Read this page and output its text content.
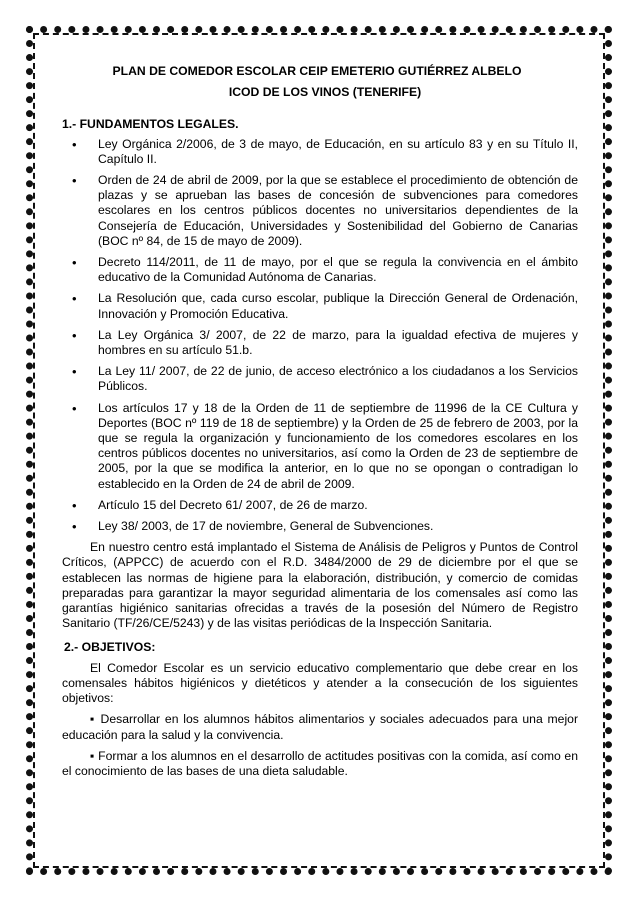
PLAN DE COMEDOR ESCOLAR CEIP EMETERIO GUTIÉRREZ ALBELO

ICOD DE LOS VINOS (TENERIFE)

1.- FUNDAMENTOS LEGALES.
• Ley Orgánica 2/2006, de 3 de mayo, de Educación, en su artículo 83 y en su Título II, Capítulo II.
• Orden de 24 de abril de 2009, por la que se establece el procedimiento de obtención de plazas y se aprueban las bases de concesión de subvenciones para comedores escolares en los centros públicos docentes no universitarios dependientes de la Consejería de Educación, Universidades y Sostenibilidad del Gobierno de Canarias (BOC nº 84, de 15 de mayo de 2009).
• Decreto 114/2011, de 11 de mayo, por el que se regula la convivencia en el ámbito educativo de la Comunidad Autónoma de Canarias.
• La Resolución que, cada curso escolar, publique la Dirección General de Ordenación, Innovación y Promoción Educativa.
• La Ley Orgánica 3/ 2007, de 22 de marzo, para la igualdad efectiva de mujeres y hombres en su artículo 51.b.
• La Ley 11/ 2007, de 22 de junio, de acceso electrónico a los ciudadanos a los Servicios Públicos.
• Los artículos 17 y 18 de la Orden de 11 de septiembre de 11996 de la CE Cultura y Deportes (BOC nº 119 de 18 de septiembre) y la Orden de 25 de febrero de 2003, por la que se regula la organización y funcionamiento de los comedores escolares en los centros públicos docentes no universitarios, así como la Orden de 23 de septiembre de 2005, por la que se modifica la anterior, en lo que no se opongan o contradigan lo establecido en la Orden de 24 de abril de 2009.
• Artículo 15 del Decreto 61/ 2007, de 26 de marzo.
• Ley 38/ 2003, de 17 de noviembre, General de Subvenciones.

En nuestro centro está implantado el Sistema de Análisis de Peligros y Puntos de Control Críticos, (APPCC) de acuerdo con el R.D. 3484/2000 de 29 de diciembre por el que se establecen las normas de higiene para la elaboración, distribución, y comercio de comidas preparadas para garantizar la mayor seguridad alimentaria de los comensales así como las garantías higiénico sanitarias ofrecidas a través de la posesión del Número de Registro Sanitario (TF/26/CE/5243) y de las visitas periódicas de la Inspección Sanitaria.

2.- OBJETIVOS:

El Comedor Escolar es un servicio educativo complementario que debe crear en los comensales hábitos higiénicos y dietéticos y atender a la consecución de los siguientes objetivos:

▪ Desarrollar en los alumnos hábitos alimentarios y sociales adecuados para una mejor educación para la salud y la convivencia.

▪ Formar a los alumnos en el desarrollo de actitudes positivas con la comida, así como en el conocimiento de las bases de una dieta saludable.
